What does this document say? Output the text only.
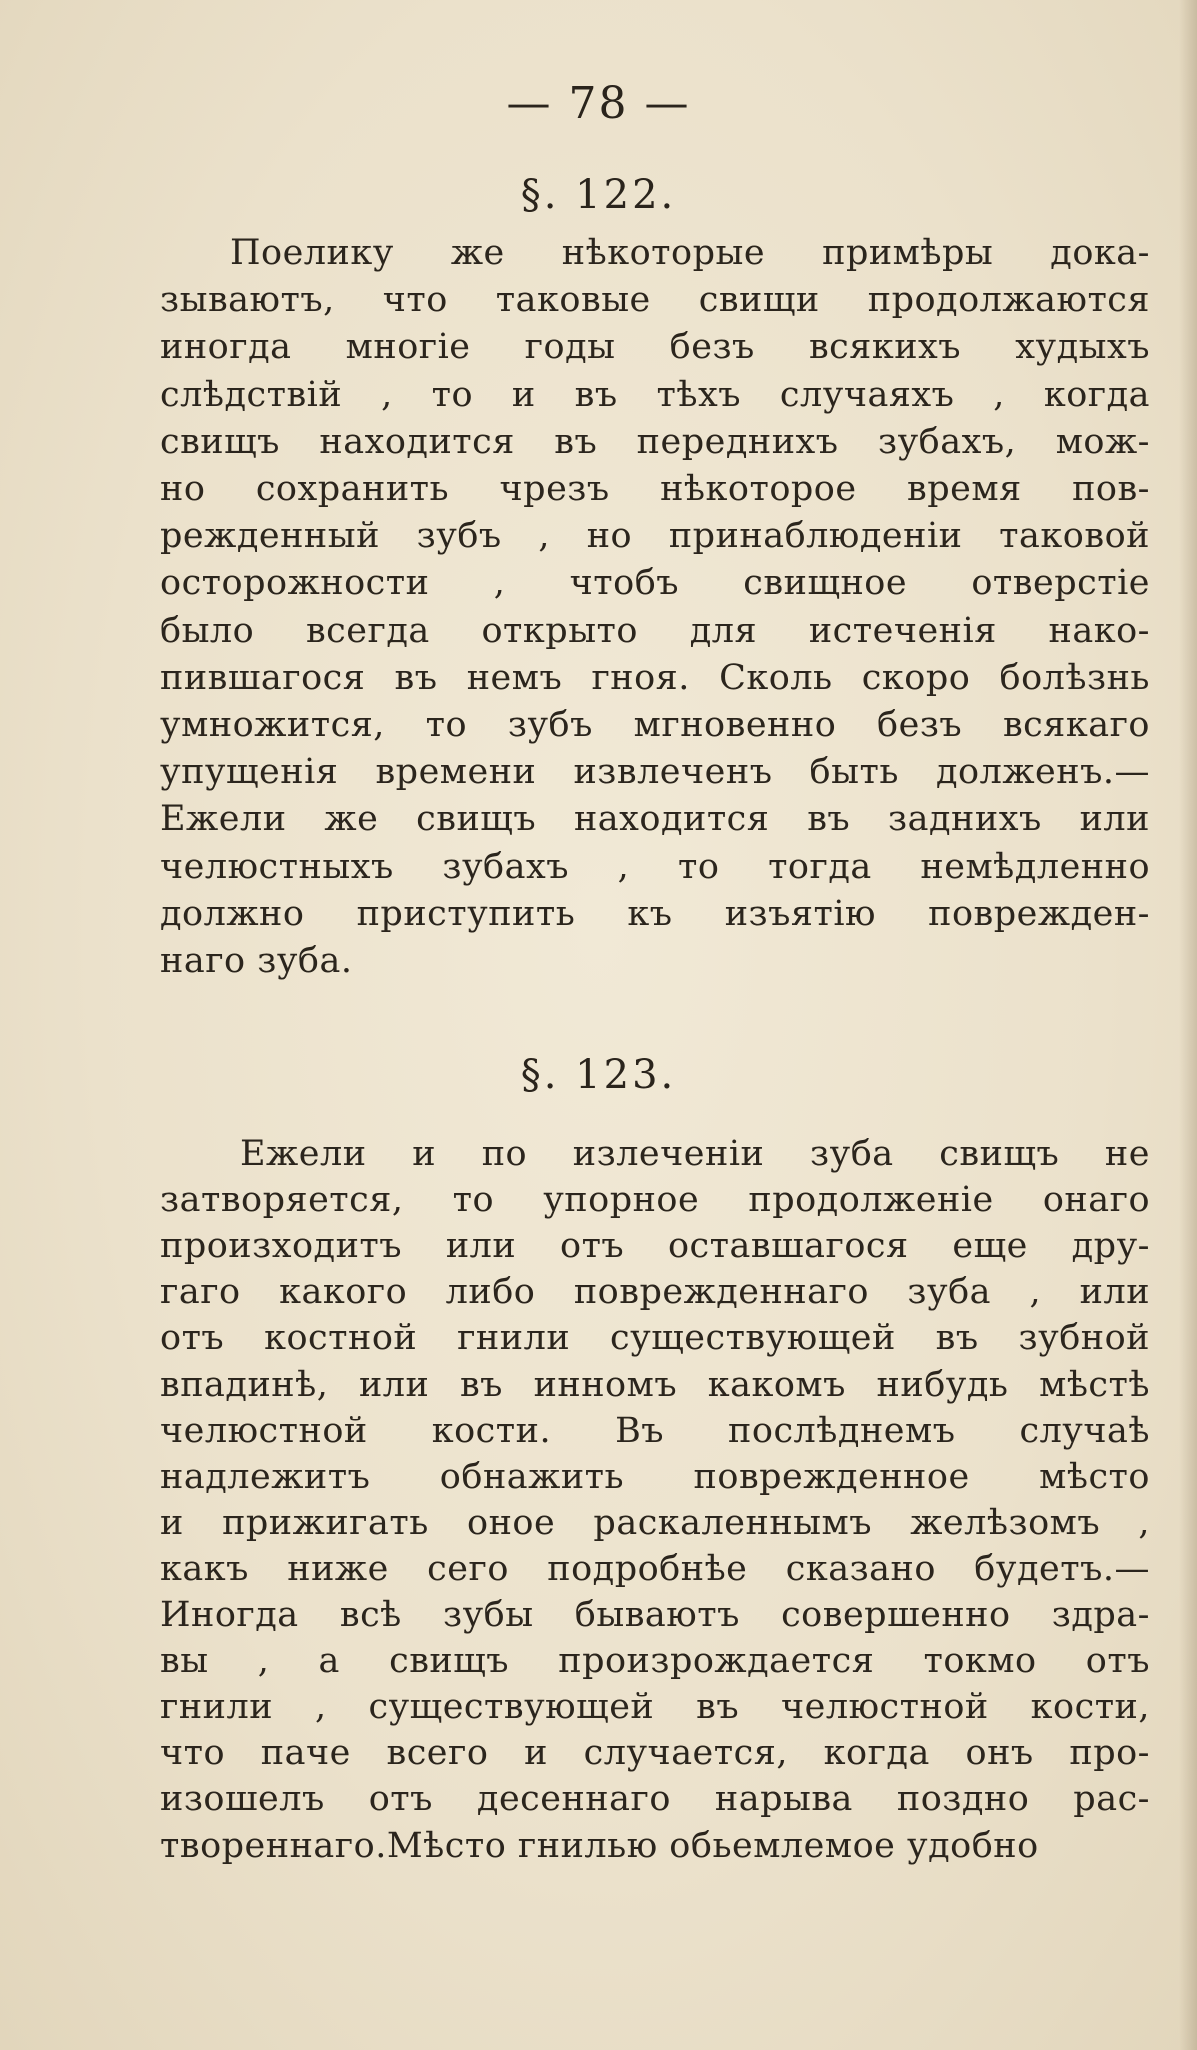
— 78 —
§. 122.
Поелику же нѣкоторые примѣры дока-
зываютъ, что таковые свищи продолжаются
иногда многіе годы безъ всякихъ худыхъ
слѣдствій , то и въ тѣхъ случаяхъ , когда
свищъ находится въ переднихъ зубахъ, мож-
но сохранить чрезъ нѣкоторое время пов-
режденный зубъ , но принаблюденіи таковой
осторожности , чтобъ свищное отверстіе
было всегда открыто для истеченія нако-
пившагося въ немъ гноя. Сколь скоро болѣзнь
умножится, то зубъ мгновенно безъ всякаго
упущенія времени извлеченъ быть долженъ.—
Ежели же свищъ находится въ заднихъ или
челюстныхъ зубахъ , то тогда немѣдленно
должно приступить къ изъятію поврежден-
наго зуба.
§. 123.
Ежели и по излеченіи зуба свищъ не
затворяется, то упорное продолженіе онаго
произходитъ или отъ оставшагося еще дру-
гаго какого либо поврежденнаго зуба , или
отъ костной гнили существующей въ зубной
впадинѣ, или въ инномъ какомъ нибудь мѣстѣ
челюстной кости. Въ послѣднемъ случаѣ
надлежитъ обнажить поврежденное мѣсто
и прижигать оное раскаленнымъ желѣзомъ ,
какъ ниже сего подробнѣе сказано будетъ.—
Иногда всѣ зубы бываютъ совершенно здра-
вы , а свищъ произрождается токмо отъ
гнили , существующей въ челюстной кости,
что паче всего и случается, когда онъ про-
изошелъ отъ десеннаго нарыва поздно рас-
твореннаго.Мѣсто гнилью обьемлемое удобно
